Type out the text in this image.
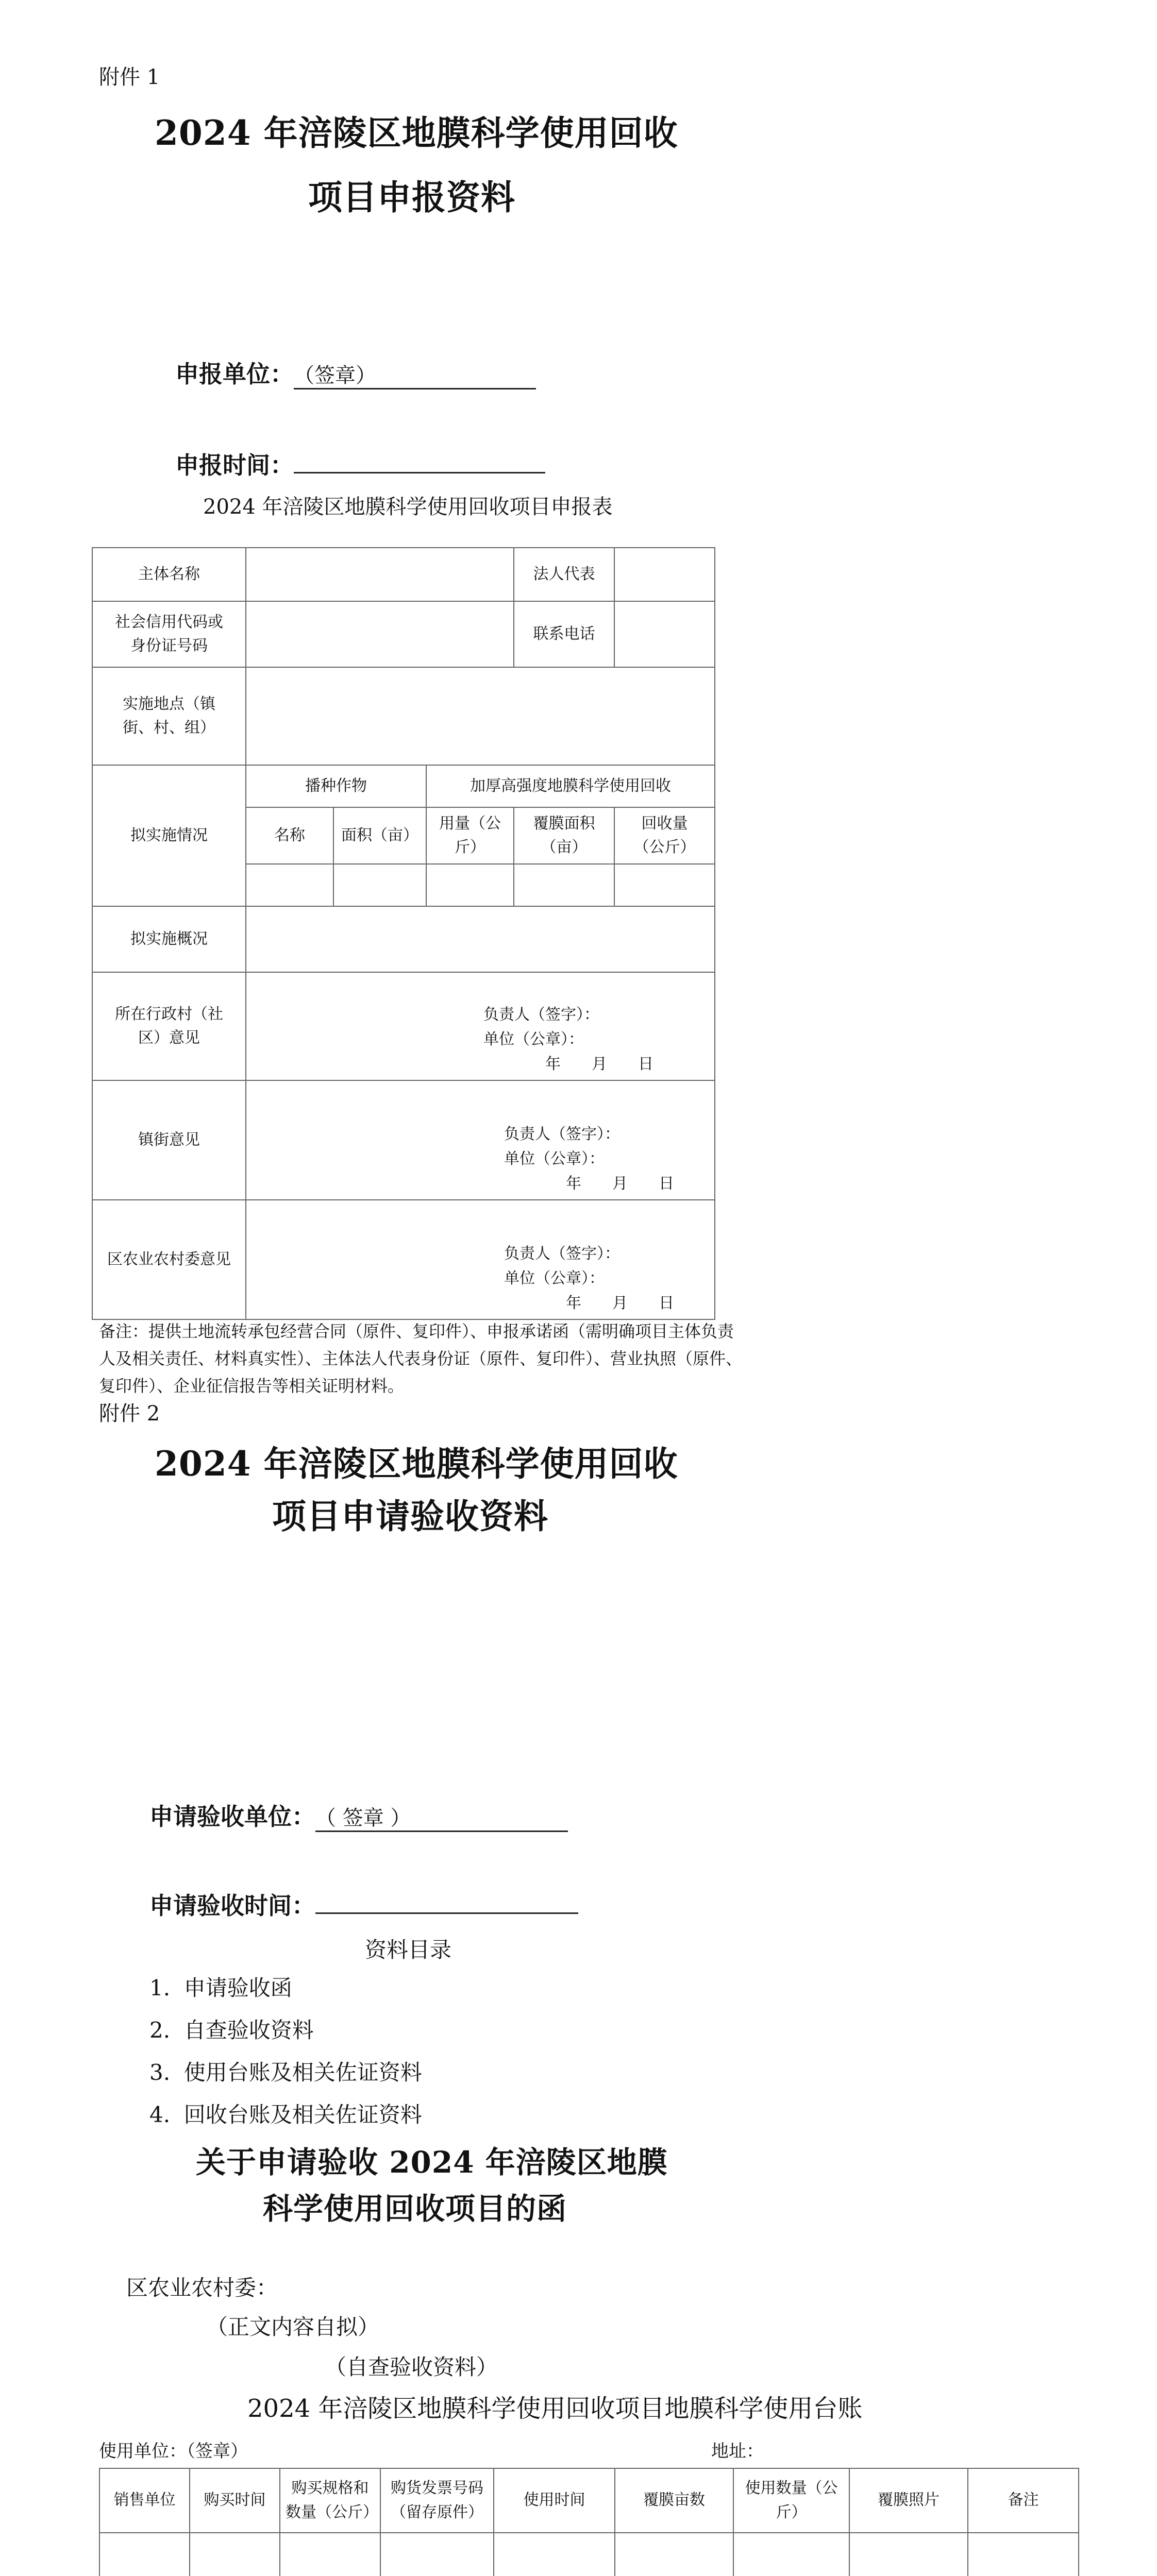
附件 1
2024 年涪陵区地膜科学使用回收
项目申报资料
申报单位：（签章）
申报时间：
2024 年涪陵区地膜科学使用回收项目申报表
主体名称				法人代表	
社会信用代码或身份证号码				联系电话	
实施地点（镇街、村、组）					
拟实施情况	播种作物		加厚高强度地膜科学使用回收		
	名称	面积（亩）	用量（公斤）	覆膜面积（亩）	回收量（公斤）

拟实施概况					
所在行政村（社区）意见	负责人（签字）：
单位（公章）：
年　　月　　日				

镇街意见	负责人（签字）：
单位（公章）：
年　　月　　日				

区农业农村委意见	负责人（签字）：
单位（公章）：
年　　月　　日				
备注：提供土地流转承包经营合同（原件、复印件）、申报承诺函（需明确项目主体负责人及相关责任、材料真实性）、主体法人代表身份证（原件、复印件）、营业执照（原件、复印件）、企业征信报告等相关证明材料。
附件 2
2024 年涪陵区地膜科学使用回收
项目申请验收资料
申请验收单位：（ 签章 ）
申请验收时间：
资料目录
1. 申请验收函
2. 自查验收资料
3. 使用台账及相关佐证资料
4. 回收台账及相关佐证资料
关于申请验收 2024 年涪陵区地膜
科学使用回收项目的函
区农业农村委：
（正文内容自拟）
（自查验收资料）
2024 年涪陵区地膜科学使用回收项目地膜科学使用台账
使用单位：（签章）	地址：
销售单位	购买时间	购买规格和数量（公斤）	购货发票号码（留存原件）	使用时间	覆膜亩数	使用数量（公斤）	覆膜照片	备注
